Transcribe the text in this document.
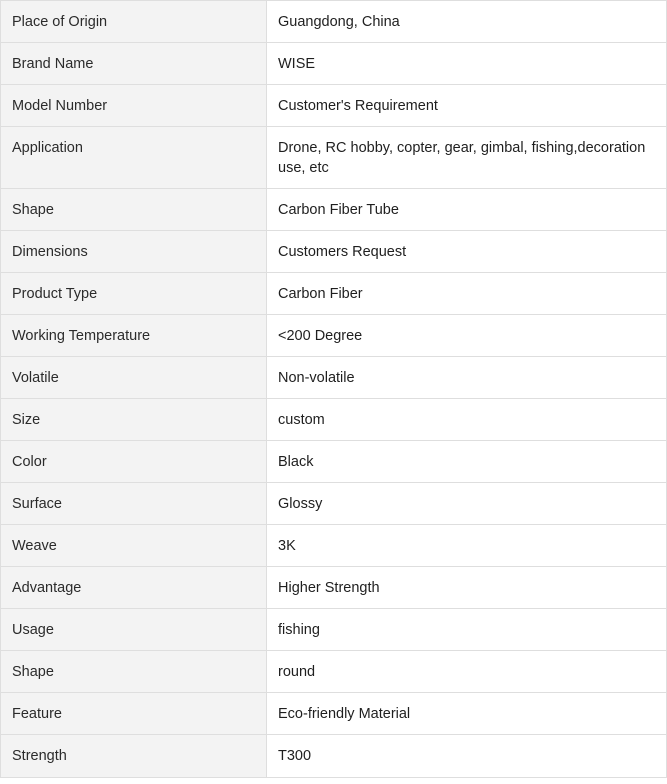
Place of Origin	Guangdong, China
Brand Name	WISE
Model Number	Customer's Requirement
Application	Drone, RC hobby, copter, gear, gimbal, fishing,decoration use, etc
Shape	Carbon Fiber Tube
Dimensions	Customers Request
Product Type	Carbon Fiber
Working Temperature	<200 Degree
Volatile	Non-volatile
Size	custom
Color	Black
Surface	Glossy
Weave	3K
Advantage	Higher Strength
Usage	fishing
Shape	round
Feature	Eco-friendly Material
Strength	T300
